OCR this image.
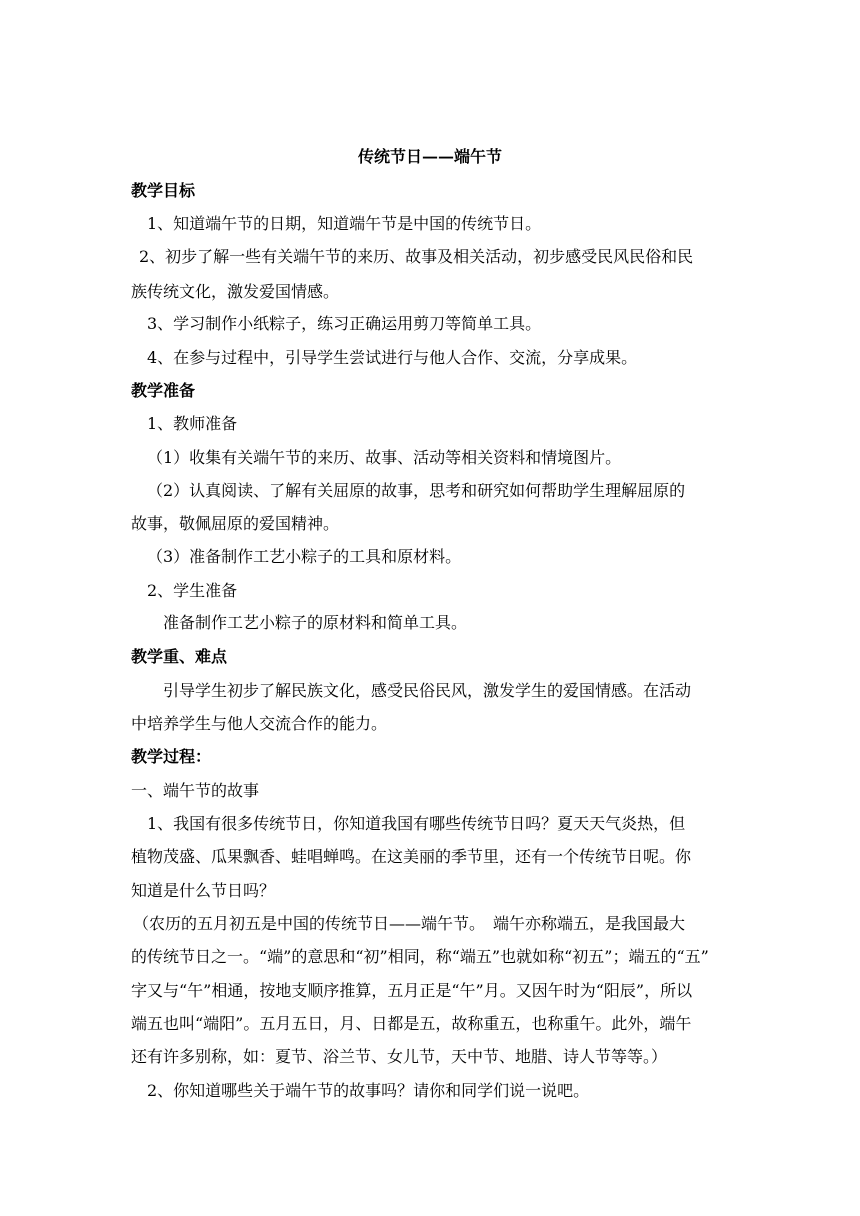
传统节日——端午节
教学目标
1、知道端午节的日期，知道端午节是中国的传统节日。
2、初步了解一些有关端午节的来历、故事及相关活动，初步感受民风民俗和民
族传统文化，激发爱国情感。
3、学习制作小纸粽子，练习正确运用剪刀等简单工具。
4、在参与过程中，引导学生尝试进行与他人合作、交流，分享成果。
教学准备
1、教师准备
（1）收集有关端午节的来历、故事、活动等相关资料和情境图片。
（2）认真阅读、了解有关屈原的故事，思考和研究如何帮助学生理解屈原的
故事，敬佩屈原的爱国精神。
（3）准备制作工艺小粽子的工具和原材料。
2、学生准备
准备制作工艺小粽子的原材料和简单工具。
教学重、难点
引导学生初步了解民族文化，感受民俗民风，激发学生的爱国情感。在活动
中培养学生与他人交流合作的能力。
教学过程：
一、端午节的故事
1、我国有很多传统节日，你知道我国有哪些传统节日吗？夏天天气炎热，但
植物茂盛、瓜果飘香、蛙唱蝉鸣。在这美丽的季节里，还有一个传统节日呢。你
知道是什么节日吗？
（农历的五月初五是中国的传统节日——端午节。　端午亦称端五，是我国最大
的传统节日之一。“端”的意思和“初”相同，称“端五”也就如称“初五”；端五的“五”
字又与“午”相通，按地支顺序推算，五月正是“午”月。又因午时为“阳辰”，所以
端五也叫“端阳”。五月五日，月、日都是五，故称重五，也称重午。此外，端午
还有许多别称，如：夏节、浴兰节、女儿节，天中节、地腊、诗人节等等。）
2、你知道哪些关于端午节的故事吗？请你和同学们说一说吧。
